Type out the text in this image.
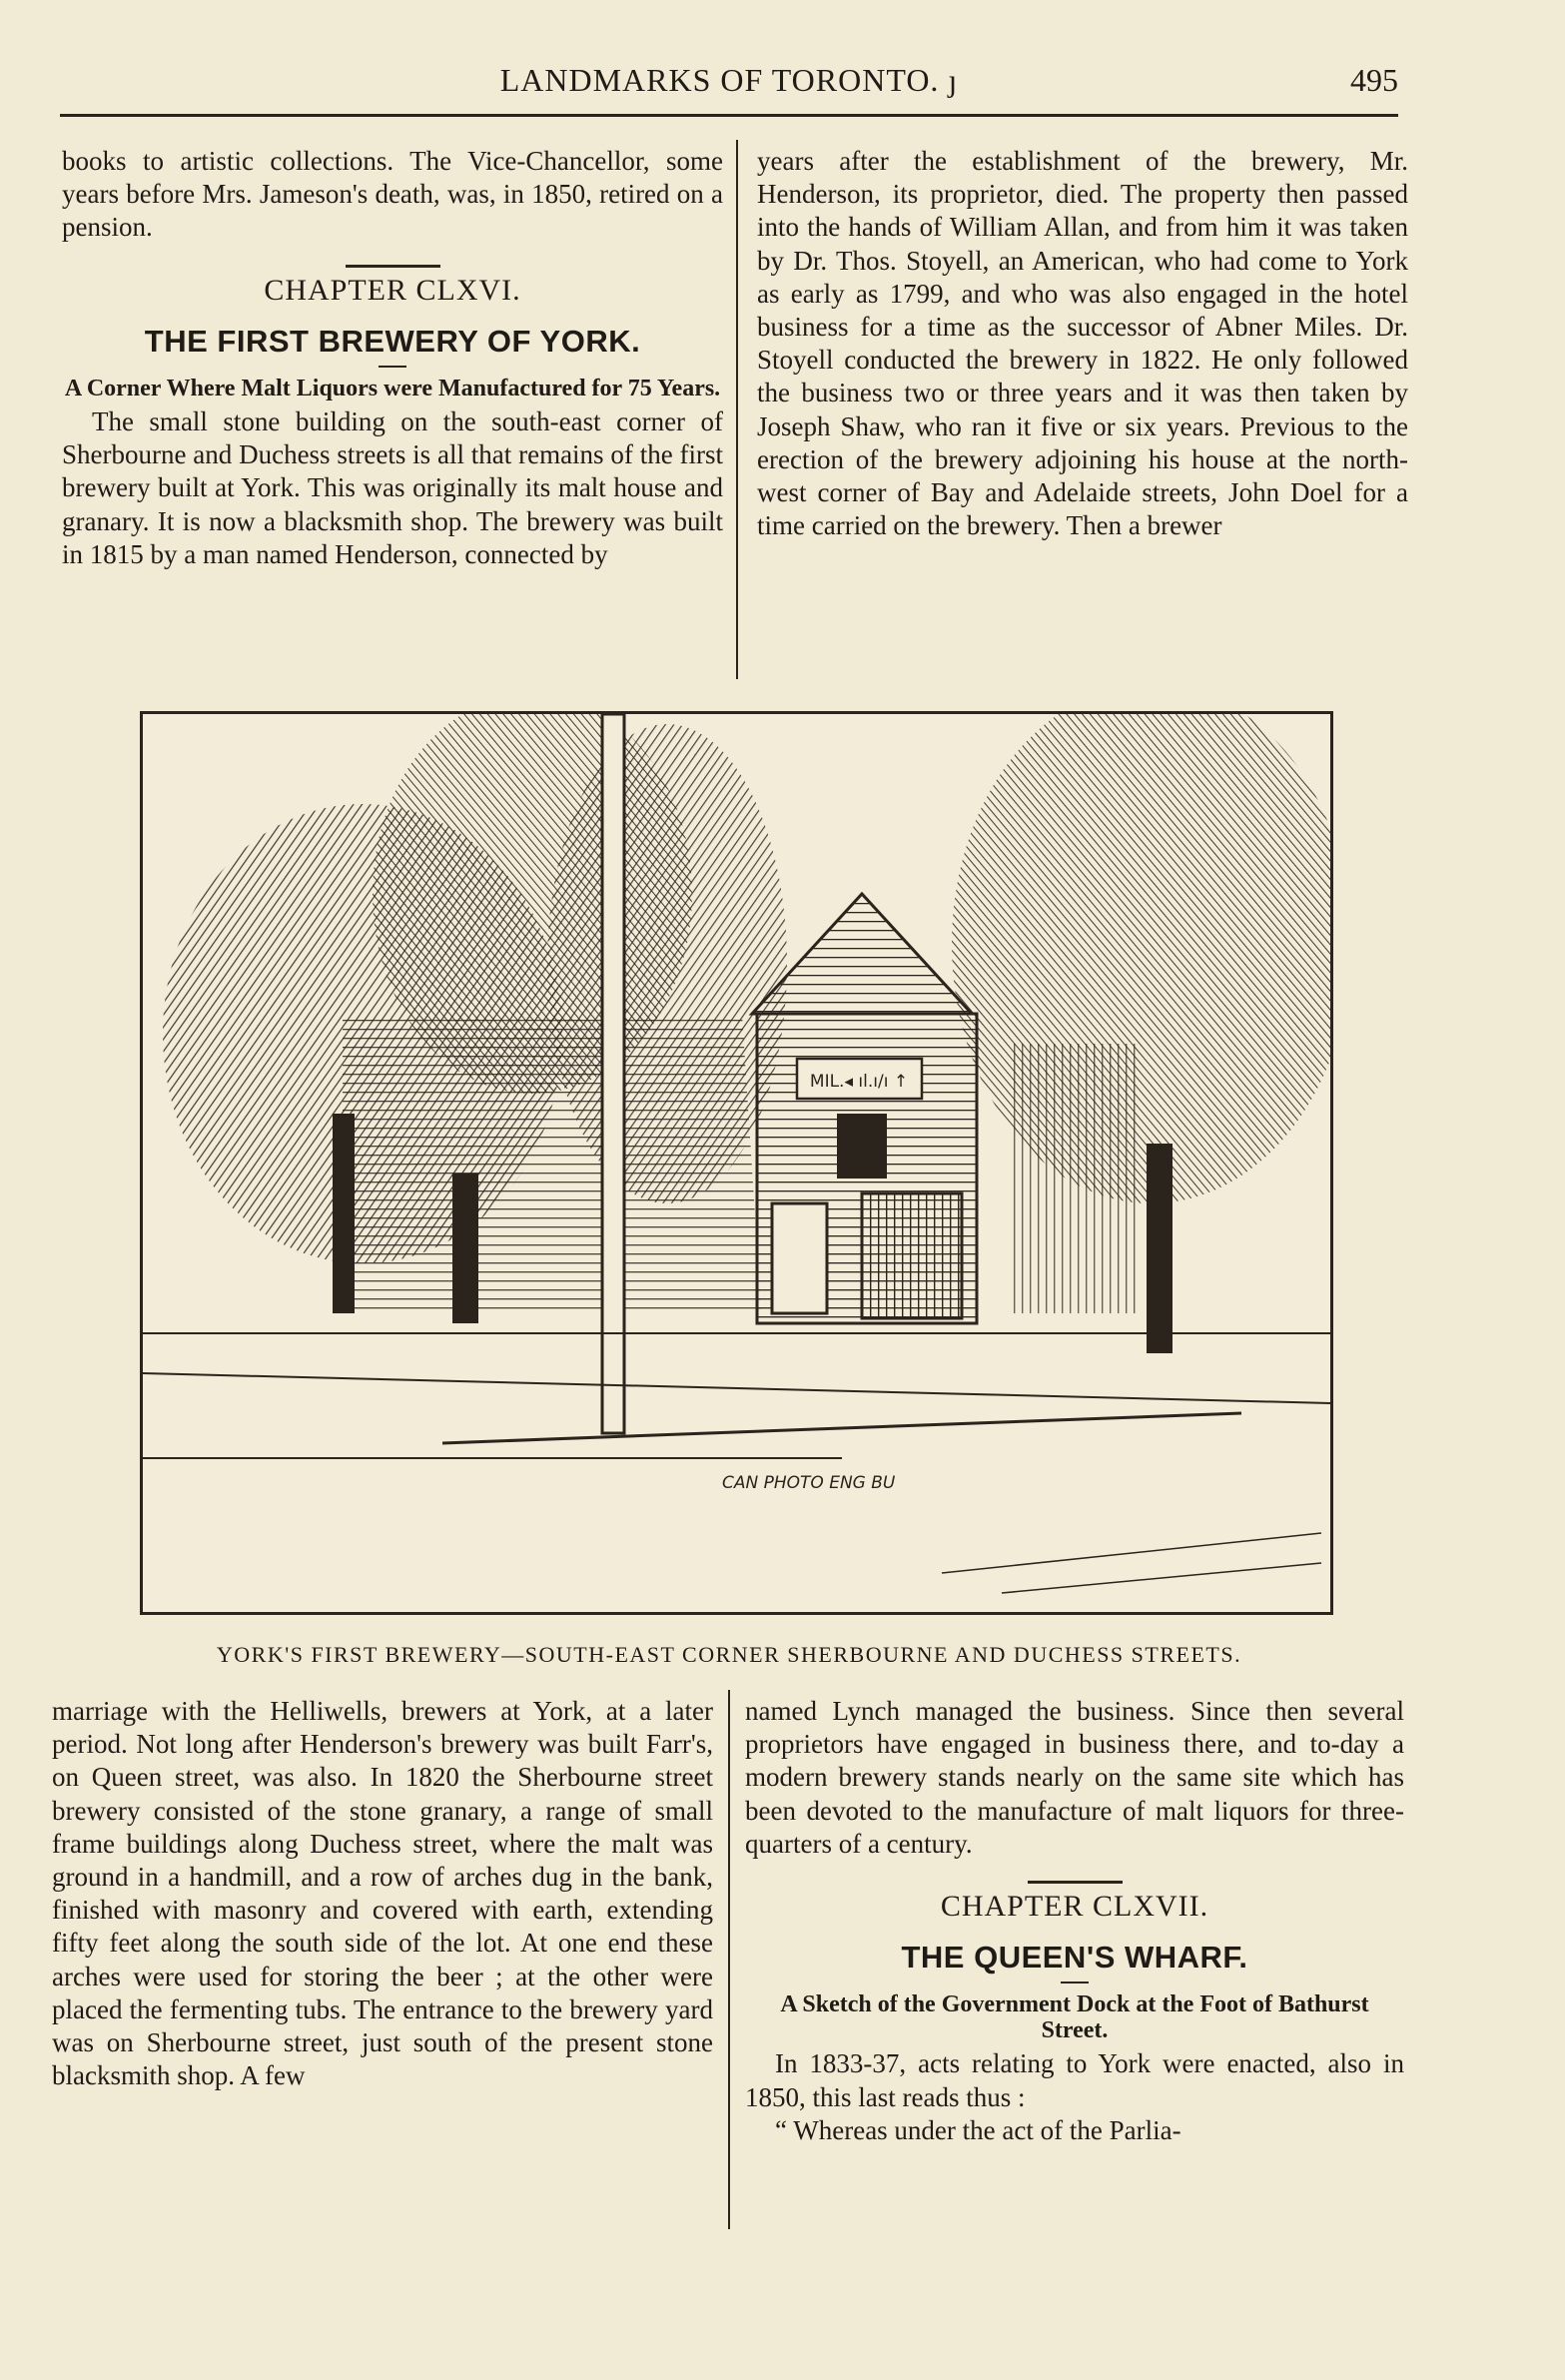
LANDMARKS OF TORONTO. ȷ	495

books to artistic collections. The Vice-Chancellor, some years before Mrs. Jameson's death, was, in 1850, retired on a pension.

CHAPTER CLXVI.
THE FIRST BREWERY OF YORK.
A Corner Where Malt Liquors were Manufactured for 75 Years.

The small stone building on the south-east corner of Sherbourne and Duchess streets is all that remains of the first brewery built at York. This was originally its malt house and granary. It is now a blacksmith shop. The brewery was built in 1815 by a man named Henderson, connected by

years after the establishment of the brewery, Mr. Henderson, its proprietor, died. The property then passed into the hands of William Allan, and from him it was taken by Dr. Thos. Stoyell, an American, who had come to York as early as 1799, and who was also engaged in the hotel business for a time as the successor of Abner Miles. Dr. Stoyell conducted the brewery in 1822. He only followed the business two or three years and it was then taken by Joseph Shaw, who ran it five or six years. Previous to the erection of the brewery adjoining his house at the north-west corner of Bay and Adelaide streets, John Doel for a time carried on the brewery. Then a brewer

MIL.◂ ıl.ı/ı ↑
CAN PHOTO ENG BU
YORK'S FIRST BREWERY—SOUTH-EAST CORNER SHERBOURNE AND DUCHESS STREETS.

marriage with the Helliwells, brewers at York, at a later period. Not long after Henderson's brewery was built Farr's, on Queen street, was also. In 1820 the Sherbourne street brewery consisted of the stone granary, a range of small frame buildings along Duchess street, where the malt was ground in a handmill, and a row of arches dug in the bank, finished with masonry and covered with earth, extending fifty feet along the south side of the lot. At one end these arches were used for storing the beer ; at the other were placed the fermenting tubs. The entrance to the brewery yard was on Sherbourne street, just south of the present stone blacksmith shop. A few

named Lynch managed the business. Since then several proprietors have engaged in business there, and to-day a modern brewery stands nearly on the same site which has been devoted to the manufacture of malt liquors for three-quarters of a century.

CHAPTER CLXVII.
THE QUEEN'S WHARF.
A Sketch of the Government Dock at the Foot of Bathurst Street.

In 1833-37, acts relating to York were enacted, also in 1850, this last reads thus :

“ Whereas under the act of the Parlia-
